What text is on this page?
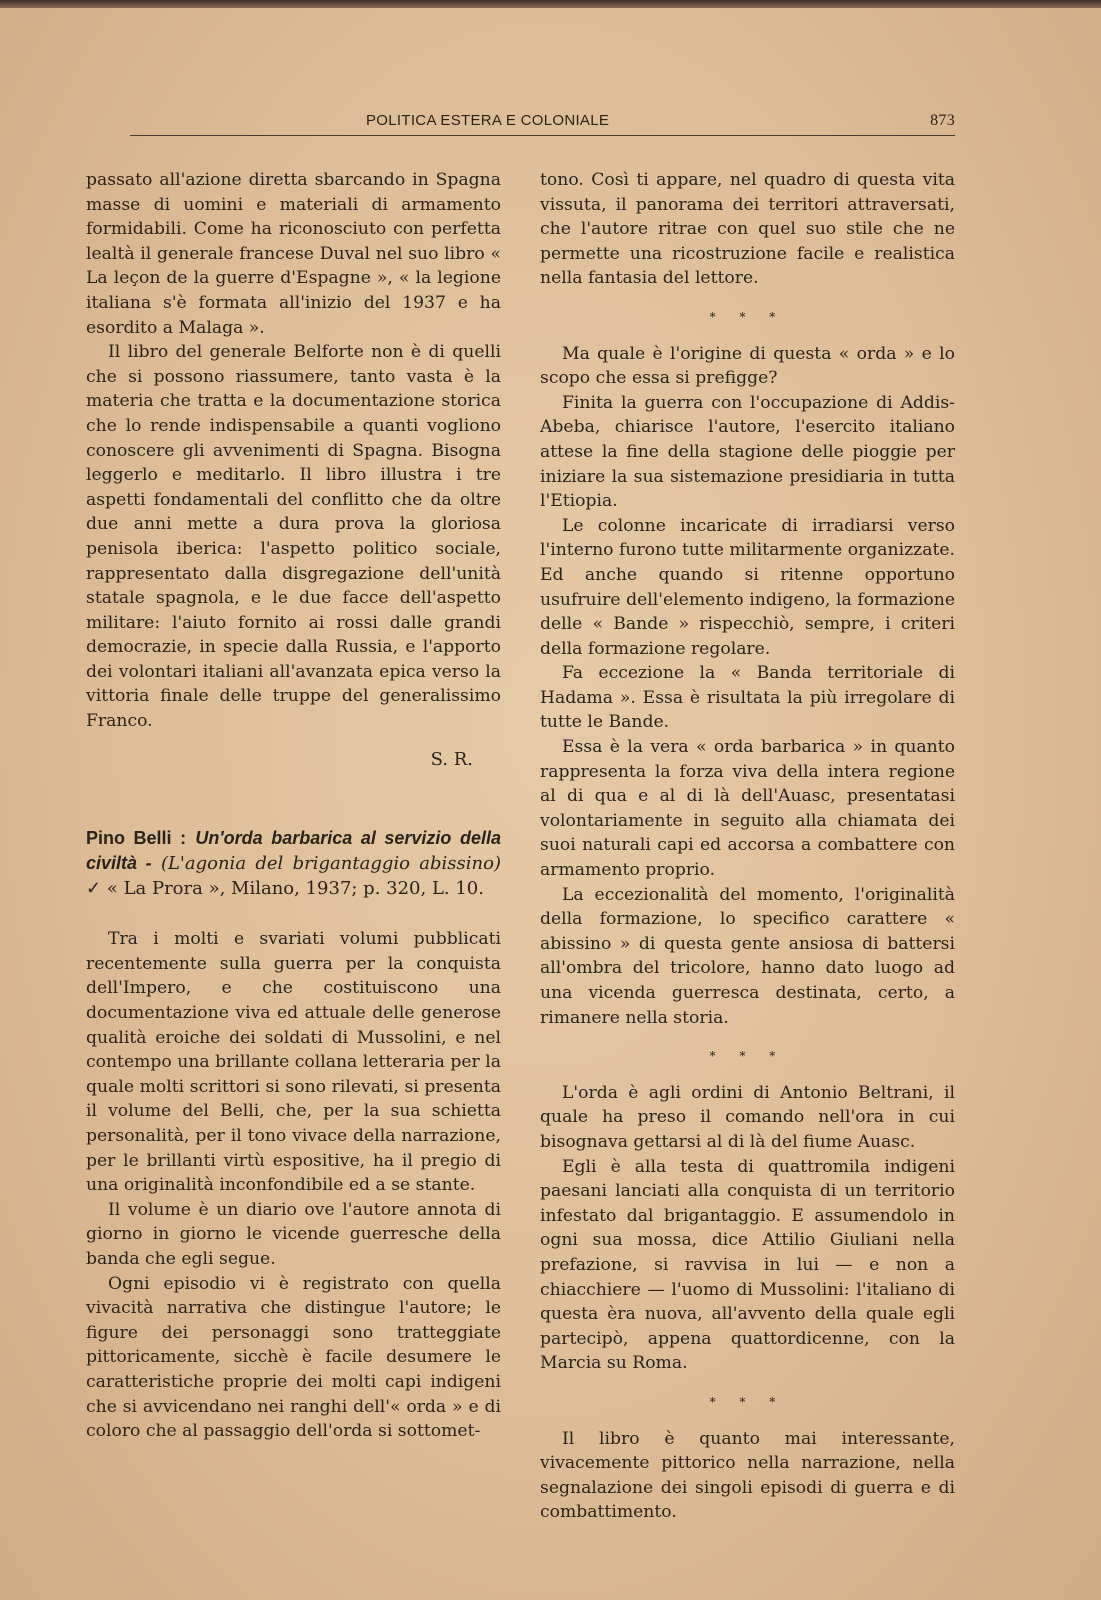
POLITICA ESTERA E COLONIALE	873

passato all'azione diretta sbarcando in Spagna masse di uomini e materiali di armamento formidabili. Come ha riconosciuto con perfetta lealtà il generale francese Duval nel suo libro « La leçon de la guerre d'Espagne », « la legione italiana s'è formata all'inizio del 1937 e ha esordito a Malaga ».

Il libro del generale Belforte non è di quelli che si possono riassumere, tanto vasta è la materia che tratta e la documentazione storica che lo rende indispensabile a quanti vogliono conoscere gli avvenimenti di Spagna. Bisogna leggerlo e meditarlo. Il libro illustra i tre aspetti fondamentali del conflitto che da oltre due anni mette a dura prova la gloriosa penisola iberica: l'aspetto politico sociale, rappresentato dalla disgregazione dell'unità statale spagnola, e le due facce dell'aspetto militare: l'aiuto fornito ai rossi dalle grandi democrazie, in specie dalla Russia, e l'apporto dei volontari italiani all'avanzata epica verso la vittoria finale delle truppe del generalissimo Franco.

S. R.
Pino Belli : Un'orda barbarica al servizio della civiltà - (L'agonia del brigantaggio abissino) ✓ « La Prora », Milano, 1937; p. 320, L. 10.

Tra i molti e svariati volumi pubblicati recentemente sulla guerra per la conquista dell'Impero, e che costituiscono una documentazione viva ed attuale delle generose qualità eroiche dei soldati di Mussolini, e nel contempo una brillante collana letteraria per la quale molti scrittori si sono rilevati, si presenta il volume del Belli, che, per la sua schietta personalità, per il tono vivace della narrazione, per le brillanti virtù espositive, ha il pregio di una originalità inconfondibile ed a se stante.

Il volume è un diario ove l'autore annota di giorno in giorno le vicende guerresche della banda che egli segue.

Ogni episodio vi è registrato con quella vivacità narrativa che distingue l'autore; le figure dei personaggi sono tratteggiate pittoricamente, sicchè è facile desumere le caratteristiche proprie dei molti capi indigeni che si avvicendano nei ranghi dell'« orda » e di coloro che al passaggio dell'orda si sottomet-

tono. Così ti appare, nel quadro di questa vita vissuta, il panorama dei territori attraversati, che l'autore ritrae con quel suo stile che ne permette una ricostruzione facile e realistica nella fantasia del lettore.

* * *

Ma quale è l'origine di questa « orda » e lo scopo che essa si prefigge?

Finita la guerra con l'occupazione di Addis-Abeba, chiarisce l'autore, l'esercito italiano attese la fine della stagione delle pioggie per iniziare la sua sistemazione presidiaria in tutta l'Etiopia.

Le colonne incaricate di irradiarsi verso l'interno furono tutte militarmente organizzate. Ed anche quando si ritenne opportuno usufruire dell'elemento indigeno, la formazione delle « Bande » rispecchiò, sempre, i criteri della formazione regolare.

Fa eccezione la « Banda territoriale di Hadama ». Essa è risultata la più irregolare di tutte le Bande.

Essa è la vera « orda barbarica » in quanto rappresenta la forza viva della intera regione al di qua e al di là dell'Auasc, presentatasi volontariamente in seguito alla chiamata dei suoi naturali capi ed accorsa a combattere con armamento proprio.

La eccezionalità del momento, l'originalità della formazione, lo specifico carattere « abissino » di questa gente ansiosa di battersi all'ombra del tricolore, hanno dato luogo ad una vicenda guerresca destinata, certo, a rimanere nella storia.

* * *

L'orda è agli ordini di Antonio Beltrani, il quale ha preso il comando nell'ora in cui bisognava gettarsi al di là del fiume Auasc.

Egli è alla testa di quattromila indigeni paesani lanciati alla conquista di un territorio infestato dal brigantaggio. E assumendolo in ogni sua mossa, dice Attilio Giuliani nella prefazione, si ravvisa in lui — e non a chiacchiere — l'uomo di Mussolini: l'italiano di questa èra nuova, all'avvento della quale egli partecipò, appena quattordicenne, con la Marcia su Roma.

* * *

Il libro è quanto mai interessante, vivacemente pittorico nella narrazione, nella segnalazione dei singoli episodi di guerra e di combattimento.
